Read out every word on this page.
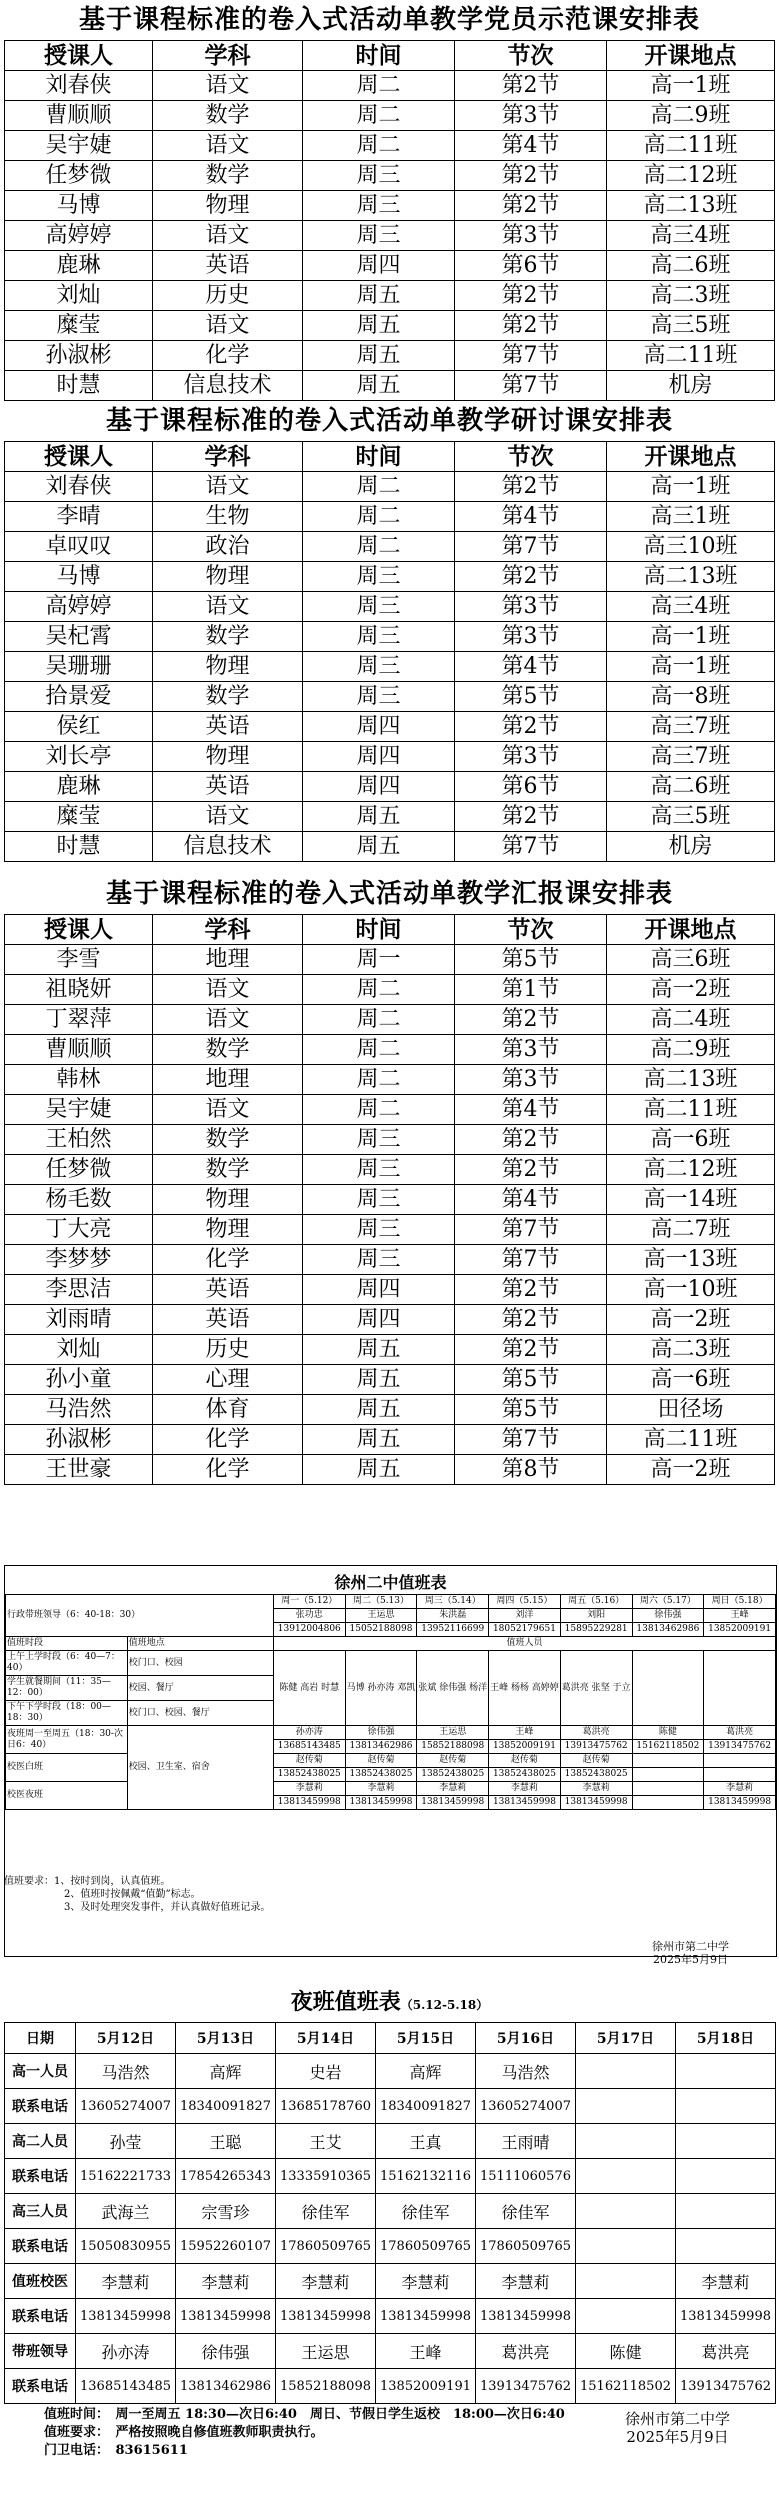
基于课程标准的卷入式活动单教学党员示范课安排表
授课人	学科	时间	节次	开课地点
刘春侠	语文	周二	第2节	高一1班
曹顺顺	数学	周二	第3节	高二9班
吴宇婕	语文	周二	第4节	高二11班
任梦微	数学	周三	第2节	高二12班
马博	物理	周三	第2节	高二13班
高婷婷	语文	周三	第3节	高三4班
鹿琳	英语	周四	第6节	高二6班
刘灿	历史	周五	第2节	高二3班
糜莹	语文	周五	第2节	高三5班
孙淑彬	化学	周五	第7节	高二11班
时慧	信息技术	周五	第7节	机房
基于课程标准的卷入式活动单教学研讨课安排表
授课人	学科	时间	节次	开课地点
刘春侠	语文	周二	第2节	高一1班
李晴	生物	周二	第4节	高三1班
卓叹叹	政治	周二	第7节	高三10班
马博	物理	周三	第2节	高二13班
高婷婷	语文	周三	第3节	高三4班
吴杞霄	数学	周三	第3节	高一1班
吴珊珊	物理	周三	第4节	高一1班
拾景爱	数学	周三	第5节	高一8班
侯红	英语	周四	第2节	高三7班
刘长亭	物理	周四	第3节	高三7班
鹿琳	英语	周四	第6节	高二6班
糜莹	语文	周五	第2节	高三5班
时慧	信息技术	周五	第7节	机房
基于课程标准的卷入式活动单教学汇报课安排表
授课人	学科	时间	节次	开课地点
李雪	地理	周一	第5节	高三6班
祖晓妍	语文	周二	第1节	高一2班
丁翠萍	语文	周二	第2节	高二4班
曹顺顺	数学	周二	第3节	高二9班
韩林	地理	周二	第3节	高二13班
吴宇婕	语文	周二	第4节	高二11班
王柏然	数学	周三	第2节	高一6班
任梦微	数学	周三	第2节	高二12班
杨毛数	物理	周三	第4节	高一14班
丁大亮	物理	周三	第7节	高二7班
李梦梦	化学	周三	第7节	高一13班
李思洁	英语	周四	第2节	高一10班
刘雨晴	英语	周四	第2节	高一2班
刘灿	历史	周五	第2节	高二3班
孙小童	心理	周五	第5节	高一6班
马浩然	体育	周五	第5节	田径场
孙淑彬	化学	周五	第7节	高二11班
王世豪	化学	周五	第8节	高一2班
徐州二中值班表
行政带班领导（6：40-18：30）		周一（5.12）	周二（5.13）	周三（5.14）	周四（5.15）	周五（5.16）	周六（5.17）	周日（5.18）
		张功忠	王运思	朱洪磊	刘洋	刘阳	徐伟强	王峰
		13912004806	15052188098	13952116699	18052179651	15895229281	13813462986	13852009191
值班时段	值班地点	值班人员						
上午上学时段（6：40—7：40）	校门口、校园	陈健 高岩 时慧	马博 孙亦涛 邓凯	张斌 徐伟强 杨洋	王峰 杨杨 高婷婷	葛洪亮 张坚 于立		
学生就餐期间（11：35—12：00）	校园、餐厅							
下午下学时段（18：00—18：30）	校门口、校园、餐厅							
夜班周一至周五（18：30-次日6：40）	校园、卫生室、宿舍	孙亦涛	徐伟强	王运思	王峰	葛洪亮	陈健	葛洪亮
		13685143485	13813462986	15852188098	13852009191	13913475762	15162118502	13913475762
校医白班		赵传菊	赵传菊	赵传菊	赵传菊	赵传菊		
		13852438025	13852438025	13852438025	13852438025	13852438025		
校医夜班		李慧莉	李慧莉	李慧莉	李慧莉	李慧莉		李慧莉
		13813459998	13813459998	13813459998	13813459998	13813459998		13813459998
值班要求：1、按时到岗，认真值班。
2、值班时按佩戴“值勤”标志。
3、及时处理突发事件，并认真做好值班记录。
徐州市第二中学
2025年5月9日
夜班值班表（5.12-5.18）
日期	5月12日	5月13日	5月14日	5月15日	5月16日	5月17日	5月18日
高一人员	马浩然	高辉	史岩	高辉	马浩然		
联系电话	13605274007	18340091827	13685178760	18340091827	13605274007		
高二人员	孙莹	王聪	王艾	王真	王雨晴		
联系电话	15162221733	17854265343	13335910365	15162132116	15111060576		
高三人员	武海兰	宗雪珍	徐佳军	徐佳军	徐佳军		
联系电话	15050830955	15952260107	17860509765	17860509765	17860509765		
值班校医	李慧莉	李慧莉	李慧莉	李慧莉	李慧莉		李慧莉
联系电话	13813459998	13813459998	13813459998	13813459998	13813459998		13813459998
带班领导	孙亦涛	徐伟强	王运思	王峰	葛洪亮	陈健	葛洪亮
联系电话	13685143485	13813462986	15852188098	13852009191	13913475762	15162118502	13913475762
值班时间：　周一至周五 18:30—次日6:40　周日、节假日学生返校　18:00—次日6:40
值班要求：　严格按照晚自修值班教师职责执行。
门卫电话：　83615611
徐州市第二中学
2025年5月9日
